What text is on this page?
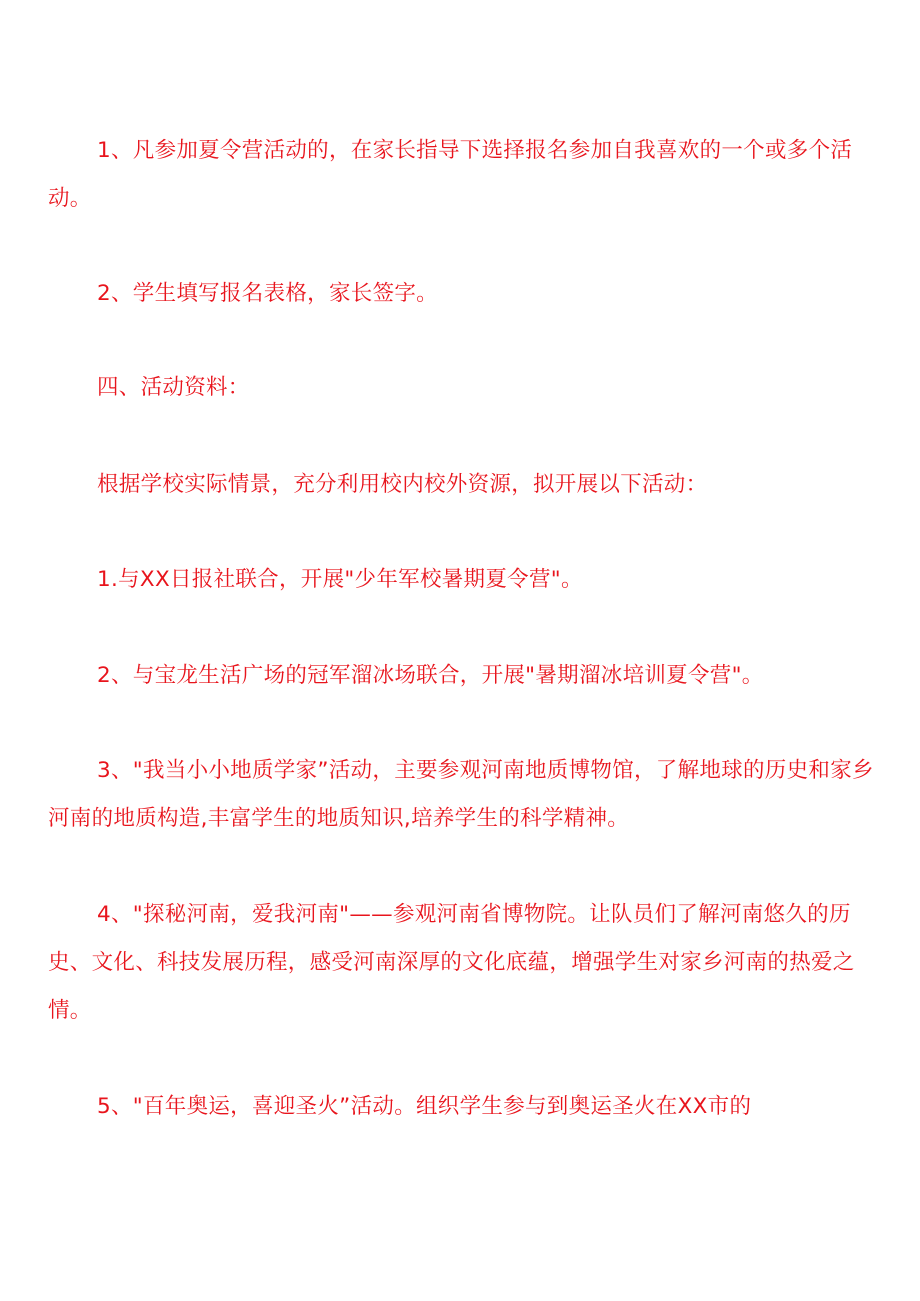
1、凡参加夏令营活动的，在家长指导下选择报名参加自我喜欢的一个或多个活动。

2、学生填写报名表格，家长签字。

四、活动资料：

根据学校实际情景，充分利用校内校外资源，拟开展以下活动：

1.与XX日报社联合，开展"少年军校暑期夏令营"。

2、与宝龙生活广场的冠军溜冰场联合，开展"暑期溜冰培训夏令营"。

3、"我当小小地质学家”活动，主要参观河南地质博物馆，了解地球的历史和家乡河南的地质构造,丰富学生的地质知识,培养学生的科学精神。

4、"探秘河南，爱我河南"——参观河南省博物院。让队员们了解河南悠久的历史、文化、科技发展历程，感受河南深厚的文化底蕴，增强学生对家乡河南的热爱之情。

5、"百年奥运，喜迎圣火”活动。组织学生参与到奥运圣火在XX市的
